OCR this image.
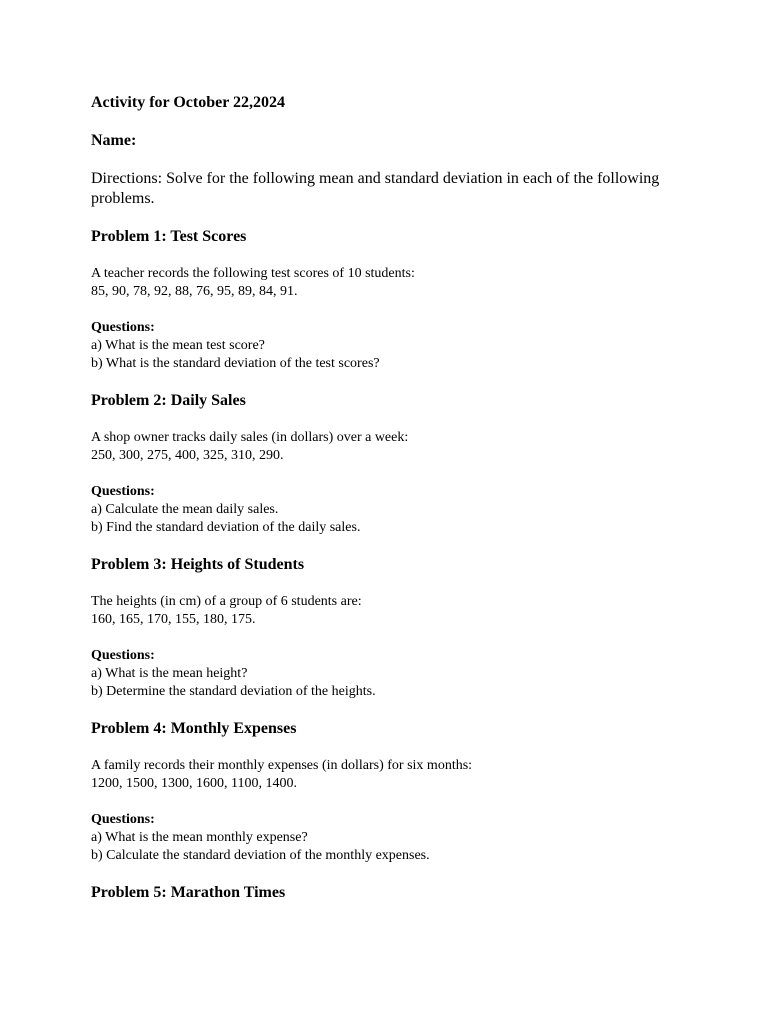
Activity for October 22,2024

Name:

Directions: Solve for the following mean and standard deviation in each of the following problems.

Problem 1: Test Scores

A teacher records the following test scores of 10 students:
85, 90, 78, 92, 88, 76, 95, 89, 84, 91.

Questions:
a) What is the mean test score?
b) What is the standard deviation of the test scores?

Problem 2: Daily Sales

A shop owner tracks daily sales (in dollars) over a week:
250, 300, 275, 400, 325, 310, 290.

Questions:
a) Calculate the mean daily sales.
b) Find the standard deviation of the daily sales.

Problem 3: Heights of Students

The heights (in cm) of a group of 6 students are:
160, 165, 170, 155, 180, 175.

Questions:
a) What is the mean height?
b) Determine the standard deviation of the heights.

Problem 4: Monthly Expenses

A family records their monthly expenses (in dollars) for six months:
1200, 1500, 1300, 1600, 1100, 1400.

Questions:
a) What is the mean monthly expense?
b) Calculate the standard deviation of the monthly expenses.

Problem 5: Marathon Times
